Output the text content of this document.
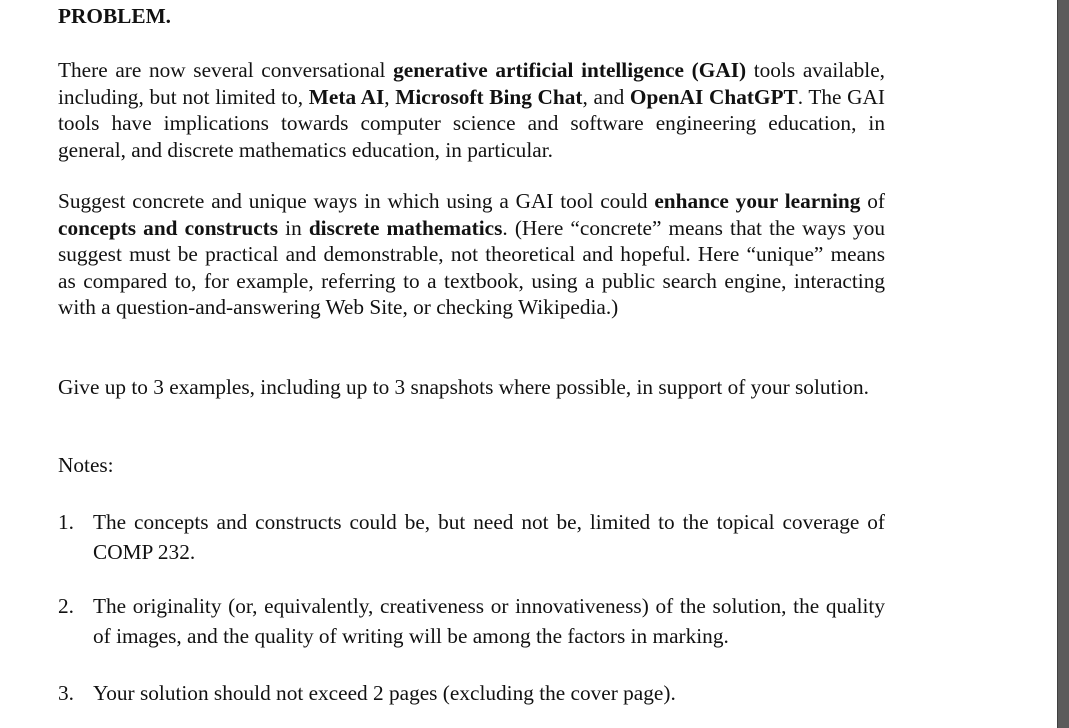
PROBLEM.

There are now several conversational generative artificial intelligence (GAI) tools available, including, but not limited to, Meta AI, Microsoft Bing Chat, and OpenAI ChatGPT. The GAI tools have implications towards computer science and software engineering education, in general, and discrete mathematics education, in particular.

Suggest concrete and unique ways in which using a GAI tool could enhance your learning of concepts and constructs in discrete mathematics. (Here “concrete” means that the ways you suggest must be practical and demonstrable, not theoretical and hopeful. Here “unique” means as compared to, for example, referring to a textbook, using a public search engine, interacting with a question-and-answering Web Site, or checking Wikipedia.)

Give up to 3 examples, including up to 3 snapshots where possible, in support of your solution.

Notes:

1. The concepts and constructs could be, but need not be, limited to the topical coverage of COMP 232.
2. The originality (or, equivalently, creativeness or innovativeness) of the solution, the quality of images, and the quality of writing will be among the factors in marking.
3. Your solution should not exceed 2 pages (excluding the cover page).
